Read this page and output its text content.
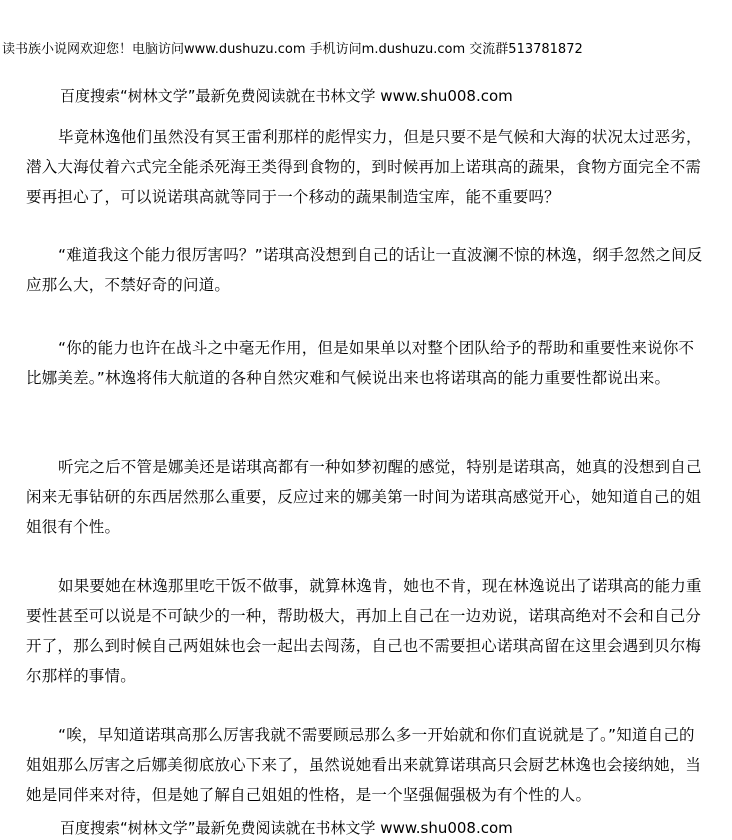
读书族小说网欢迎您！电脑访问www.dushuzu.com 手机访问m.dushuzu.com 交流群513781872
百度搜索“树林文学”最新免费阅读就在书林文学 www.shu008.com

毕竟林逸他们虽然没有冥王雷利那样的彪悍实力，但是只要不是气候和大海的状况太过恶劣，潜入大海仗着六式完全能杀死海王类得到食物的，到时候再加上诺琪高的蔬果，食物方面完全不需要再担心了，可以说诺琪高就等同于一个移动的蔬果制造宝库，能不重要吗？

“难道我这个能力很厉害吗？”诺琪高没想到自己的话让一直波澜不惊的林逸，纲手忽然之间反应那么大，不禁好奇的问道。

“你的能力也许在战斗之中毫无作用，但是如果单以对整个团队给予的帮助和重要性来说你不比娜美差。”林逸将伟大航道的各种自然灾难和气候说出来也将诺琪高的能力重要性都说出来。

听完之后不管是娜美还是诺琪高都有一种如梦初醒的感觉，特别是诺琪高，她真的没想到自己闲来无事钻研的东西居然那么重要，反应过来的娜美第一时间为诺琪高感觉开心，她知道自己的姐姐很有个性。

如果要她在林逸那里吃干饭不做事，就算林逸肯，她也不肯，现在林逸说出了诺琪高的能力重要性甚至可以说是不可缺少的一种，帮助极大，再加上自己在一边劝说，诺琪高绝对不会和自己分开了，那么到时候自己两姐妹也会一起出去闯荡，自己也不需要担心诺琪高留在这里会遇到贝尔梅尔那样的事情。

“唉，早知道诺琪高那么厉害我就不需要顾忌那么多一开始就和你们直说就是了。”知道自己的姐姐那么厉害之后娜美彻底放心下来了，虽然说她看出来就算诺琪高只会厨艺林逸也会接纳她，当她是同伴来对待，但是她了解自己姐姐的性格，是一个坚强倔强极为有个性的人。

百度搜索“树林文学”最新免费阅读就在书林文学 www.shu008.com
